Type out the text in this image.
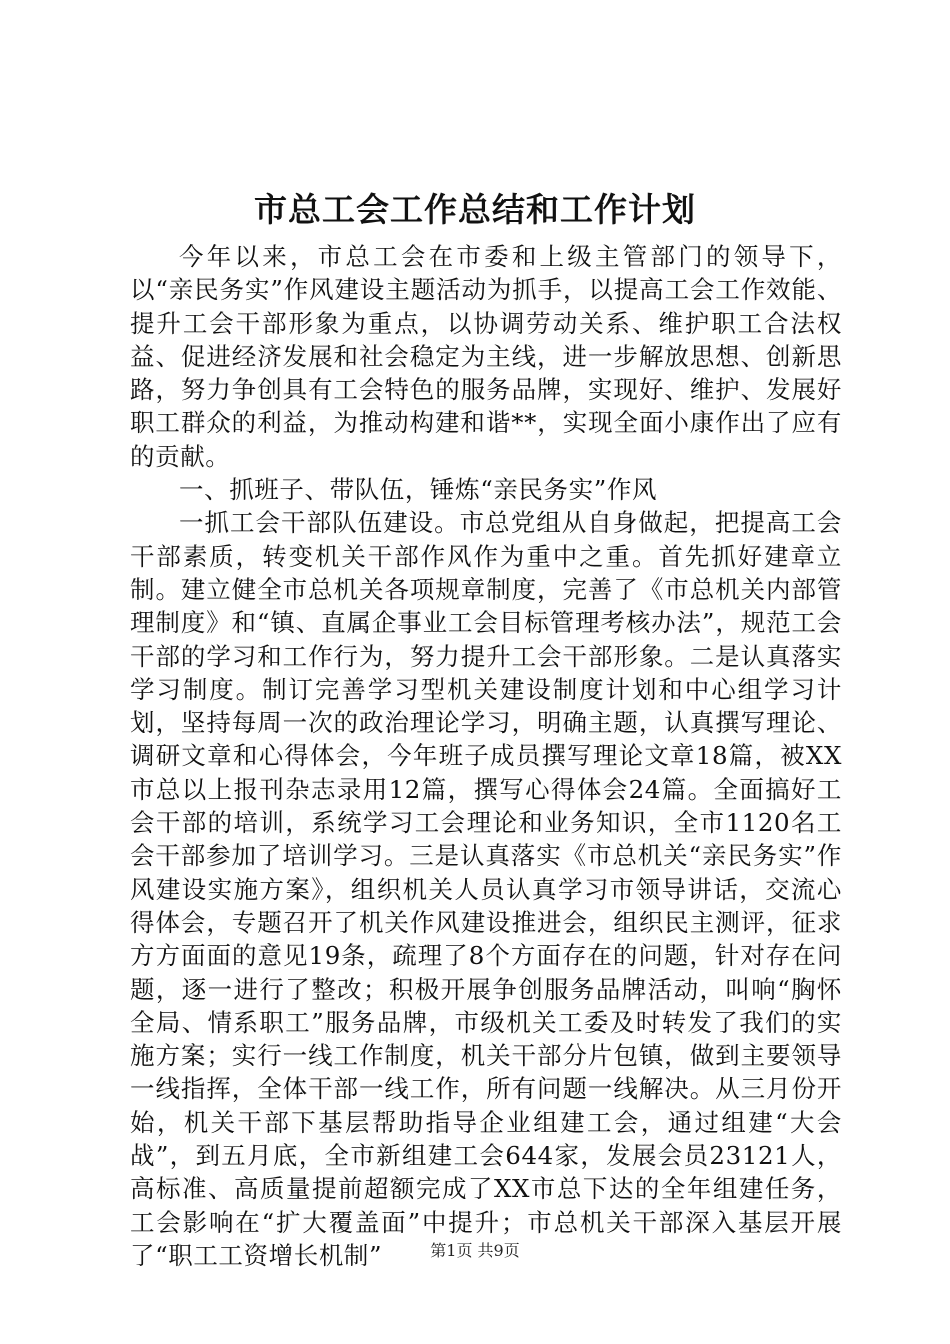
市总工会工作总结和工作计划

今年以来，市总工会在市委和上级主管部门的领导下，以“亲民务实”作风建设主题活动为抓手，以提高工会工作效能、提升工会干部形象为重点，以协调劳动关系、维护职工合法权益、促进经济发展和社会稳定为主线，进一步解放思想、创新思路，努力争创具有工会特色的服务品牌，实现好、维护、发展好职工群众的利益，为推动构建和谐**，实现全面小康作出了应有的贡献。

一、抓班子、带队伍，锤炼“亲民务实”作风

一抓工会干部队伍建设。市总党组从自身做起，把提高工会干部素质，转变机关干部作风作为重中之重。首先抓好建章立制。建立健全市总机关各项规章制度，完善了《市总机关内部管理制度》和“镇、直属企事业工会目标管理考核办法”，规范工会干部的学习和工作行为，努力提升工会干部形象。二是认真落实学习制度。制订完善学习型机关建设制度计划和中心组学习计划，坚持每周一次的政治理论学习，明确主题，认真撰写理论、调研文章和心得体会，今年班子成员撰写理论文章18篇，被XX市总以上报刊杂志录用12篇，撰写心得体会24篇。全面搞好工会干部的培训，系统学习工会理论和业务知识，全市1120名工会干部参加了培训学习。三是认真落实《市总机关“亲民务实”作风建设实施方案》，组织机关人员认真学习市领导讲话，交流心得体会，专题召开了机关作风建设推进会，组织民主测评，征求方方面面的意见19条，疏理了8个方面存在的问题，针对存在问题，逐一进行了整改；积极开展争创服务品牌活动，叫响“胸怀全局、情系职工”服务品牌，市级机关工委及时转发了我们的实施方案；实行一线工作制度，机关干部分片包镇，做到主要领导一线指挥，全体干部一线工作，所有问题一线解决。从三月份开始，机关干部下基层帮助指导企业组建工会，通过组建“大会战”，到五月底，全市新组建工会644家，发展会员23121人，高标准、高质量提前超额完成了XX市总下达的全年组建任务，工会影响在“扩大覆盖面”中提升；市总机关干部深入基层开展了“职工工资增长机制”	第1页 共9页
